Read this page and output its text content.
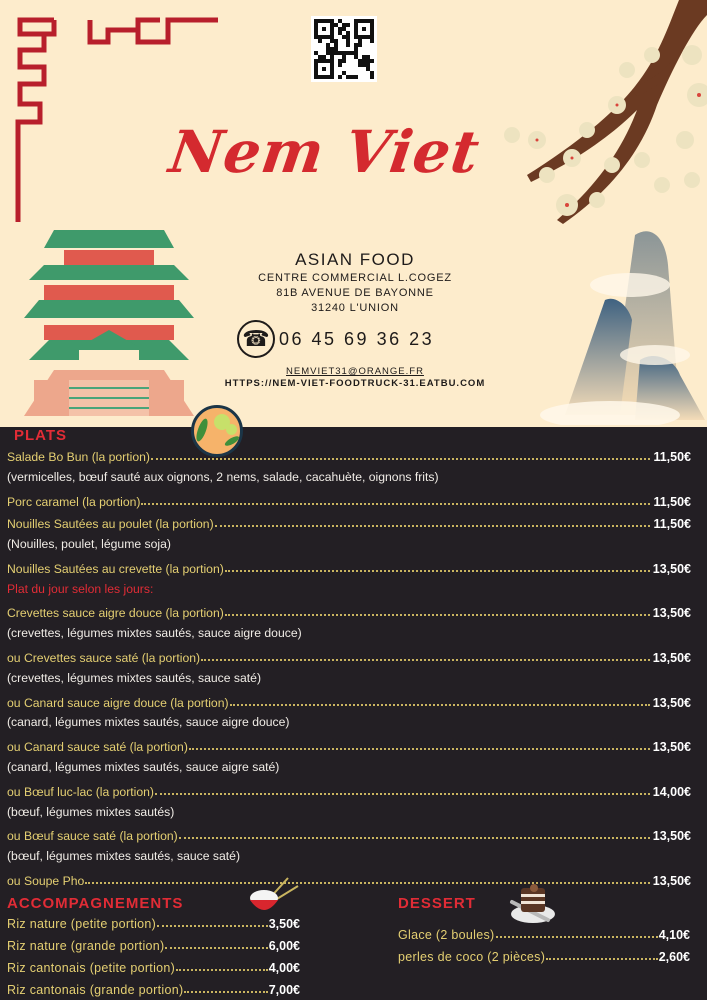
Nem Viet
ASIAN FOOD
CENTRE COMMERCIAL L.COGEZ
81B AVENUE DE BAYONNE
31240 L'UNION
☎ 06 45 69 36 23
NEMVIET31@ORANGE.FR
HTTPS://NEM-VIET-FOODTRUCK-31.EATBU.COM
PLATS
Salade Bo Bun (la portion)	11,50€
(vermicelles, bœuf sauté aux oignons, 2 nems, salade, cacahuète, oignons frits)
Porc caramel (la portion)	11,50€
Nouilles Sautées au poulet (la portion)	11,50€
(Nouilles, poulet, légume soja)
Nouilles Sautées au crevette (la portion)	13,50€
Plat du jour selon les jours:
Crevettes sauce aigre douce (la portion)	13,50€
(crevettes, légumes mixtes sautés, sauce aigre douce)
ou Crevettes sauce saté (la portion)	13,50€
(crevettes, légumes mixtes sautés, sauce saté)
ou Canard sauce aigre douce (la portion)	13,50€
(canard, légumes mixtes sautés, sauce aigre douce)
ou Canard sauce saté (la portion)	13,50€
(canard, légumes mixtes sautés, sauce aigre saté)
ou Bœuf luc-lac (la portion)	14,00€
(bœuf, légumes mixtes sautés)
ou Bœuf sauce saté (la portion)	13,50€
(bœuf, légumes mixtes sautés, sauce saté)
ou Soupe Pho	13,50€
ACCOMPAGNEMENTS
Riz nature (petite portion)	3,50€
Riz nature (grande portion)	6,00€
Riz cantonais (petite portion)	4,00€
Riz cantonais (grande portion)	7,00€
DESSERT
Glace (2 boules)	4,10€
perles de coco (2 pièces)	2,60€
